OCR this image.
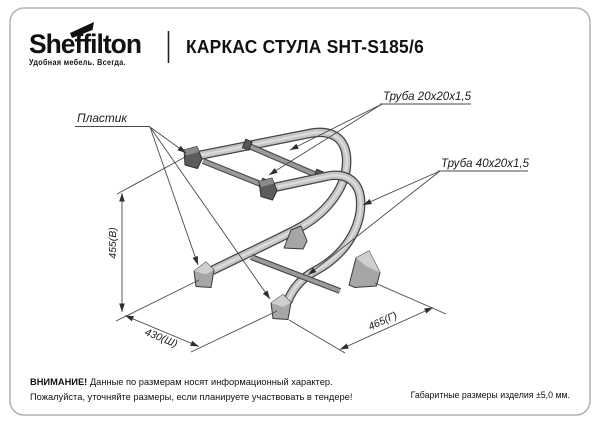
Sheffilton
Удобная мебель. Всегда.
КАРКАС СТУЛА SHT-S185/6
Пластик
Труба 20х20х1,5
Труба 40х20х1,5
455(В)
430(Ш)
465(Г)
ВНИМАНИЕ! Данные по размерам носят информационный характер.
Пожалуйста, уточняйте размеры, если планируете участвовать в тендере!	Габаритные размеры изделия ±5,0 мм.
